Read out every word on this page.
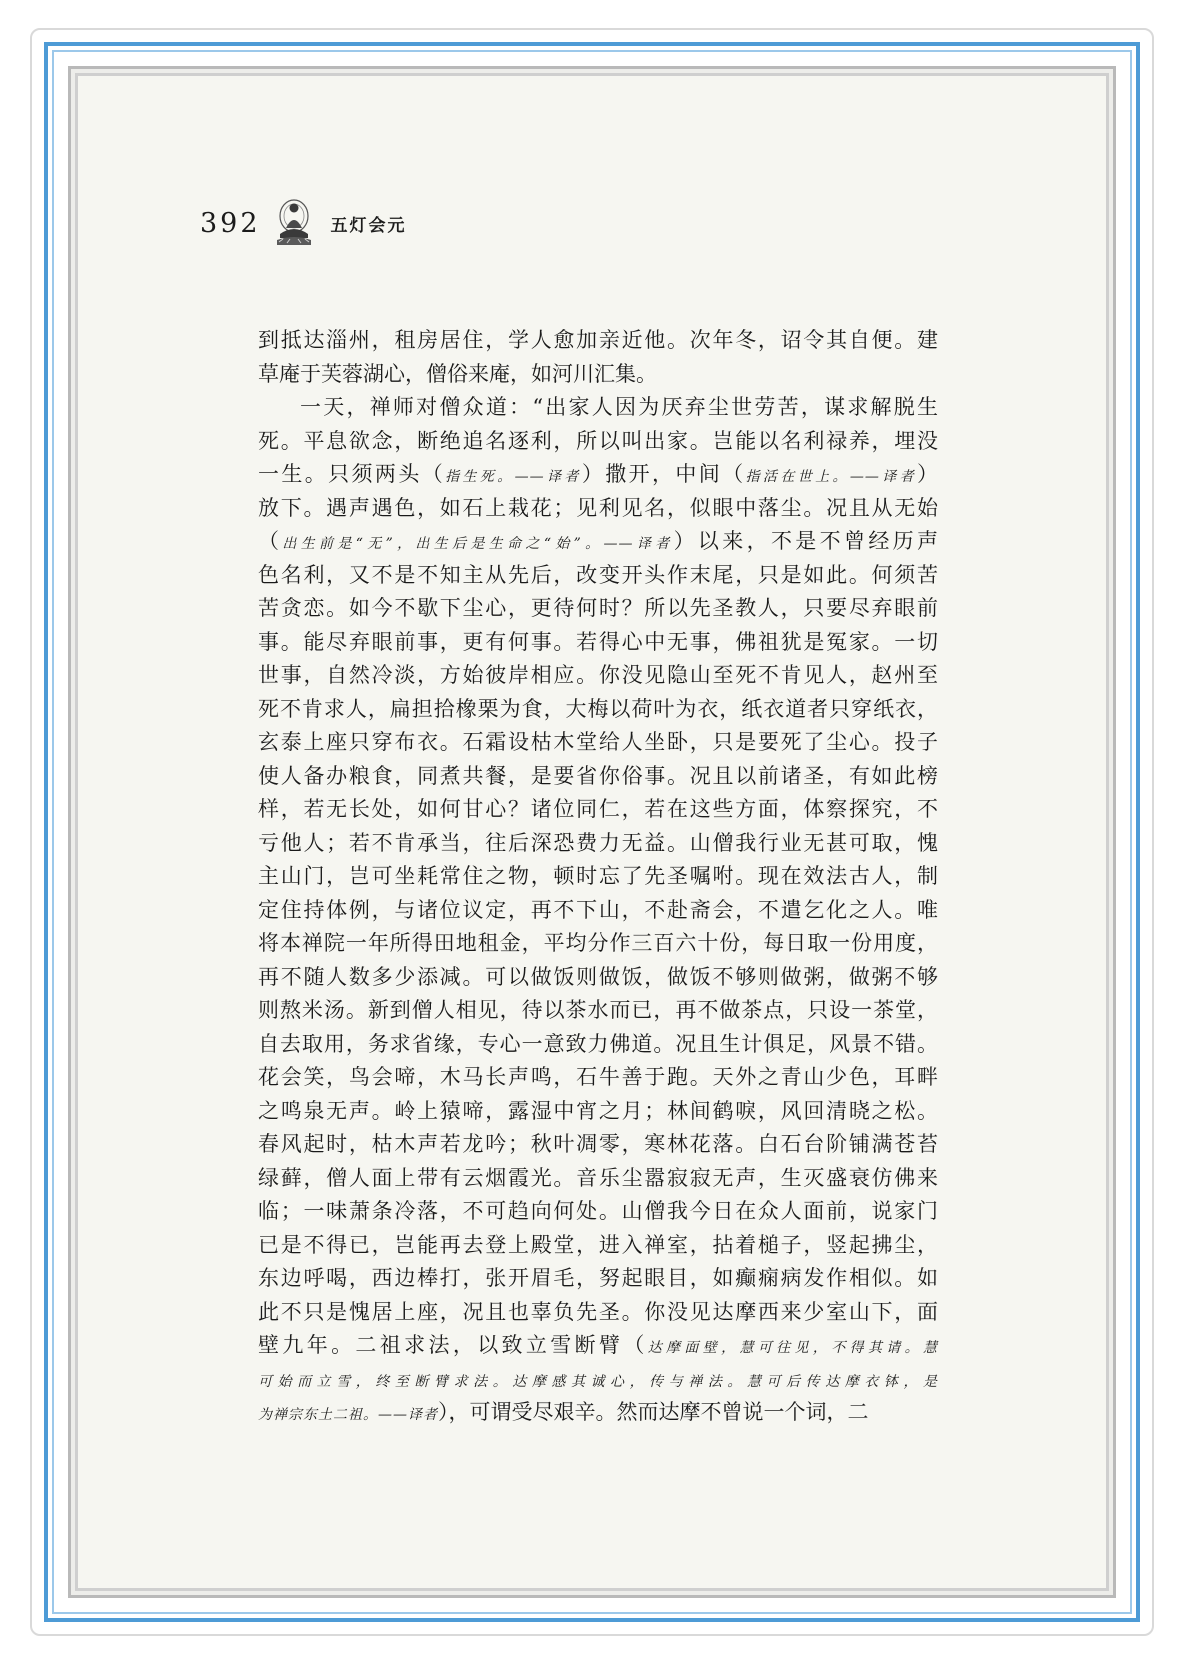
392	五灯会元
到抵达淄州，租房居住，学人愈加亲近他。次年冬，诏令其自便。建
草庵于芙蓉湖心，僧俗来庵，如河川汇集。
一天，禅师对僧众道：“出家人因为厌弃尘世劳苦，谋求解脱生
死。平息欲念，断绝追名逐利，所以叫出家。岂能以名利禄养，埋没
一生。只须两头（指生死。——译者）撒开，中间（指活在世上。——译者）
放下。遇声遇色，如石上栽花；见利见名，似眼中落尘。况且从无始
（出生前是“无”，出生后是生命之“始”。——译者）以来，不是不曾经历声
色名利，又不是不知主从先后，改变开头作末尾，只是如此。何须苦
苦贪恋。如今不歇下尘心，更待何时？所以先圣教人，只要尽弃眼前
事。能尽弃眼前事，更有何事。若得心中无事，佛祖犹是冤家。一切
世事，自然冷淡，方始彼岸相应。你没见隐山至死不肯见人，赵州至
死不肯求人，扁担拾橡栗为食，大梅以荷叶为衣，纸衣道者只穿纸衣，
玄泰上座只穿布衣。石霜设枯木堂给人坐卧，只是要死了尘心。投子
使人备办粮食，同煮共餐，是要省你俗事。况且以前诸圣，有如此榜
样，若无长处，如何甘心？诸位同仁，若在这些方面，体察探究，不
亏他人；若不肯承当，往后深恐费力无益。山僧我行业无甚可取，愧
主山门，岂可坐耗常住之物，顿时忘了先圣嘱咐。现在效法古人，制
定住持体例，与诸位议定，再不下山，不赴斋会，不遣乞化之人。唯
将本禅院一年所得田地租金，平均分作三百六十份，每日取一份用度，
再不随人数多少添减。可以做饭则做饭，做饭不够则做粥，做粥不够
则熬米汤。新到僧人相见，待以茶水而已，再不做茶点，只设一茶堂，
自去取用，务求省缘，专心一意致力佛道。况且生计俱足，风景不错。
花会笑，鸟会啼，木马长声鸣，石牛善于跑。天外之青山少色，耳畔
之鸣泉无声。岭上猿啼，露湿中宵之月；林间鹤唳，风回清晓之松。
春风起时，枯木声若龙吟；秋叶凋零，寒林花落。白石台阶铺满苍苔
绿藓，僧人面上带有云烟霞光。音乐尘嚣寂寂无声，生灭盛衰仿佛来
临；一味萧条冷落，不可趋向何处。山僧我今日在众人面前，说家门
已是不得已，岂能再去登上殿堂，进入禅室，拈着槌子，竖起拂尘，
东边呼喝，西边棒打，张开眉毛，努起眼目，如癫痫病发作相似。如
此不只是愧居上座，况且也辜负先圣。你没见达摩西来少室山下，面
壁九年。二祖求法，以致立雪断臂（达摩面壁，慧可往见，不得其请。慧
可始而立雪，终至断臂求法。达摩感其诚心，传与禅法。慧可后传达摩衣钵，是
为禅宗东土二祖。——译者），可谓受尽艰辛。然而达摩不曾说一个词，二
